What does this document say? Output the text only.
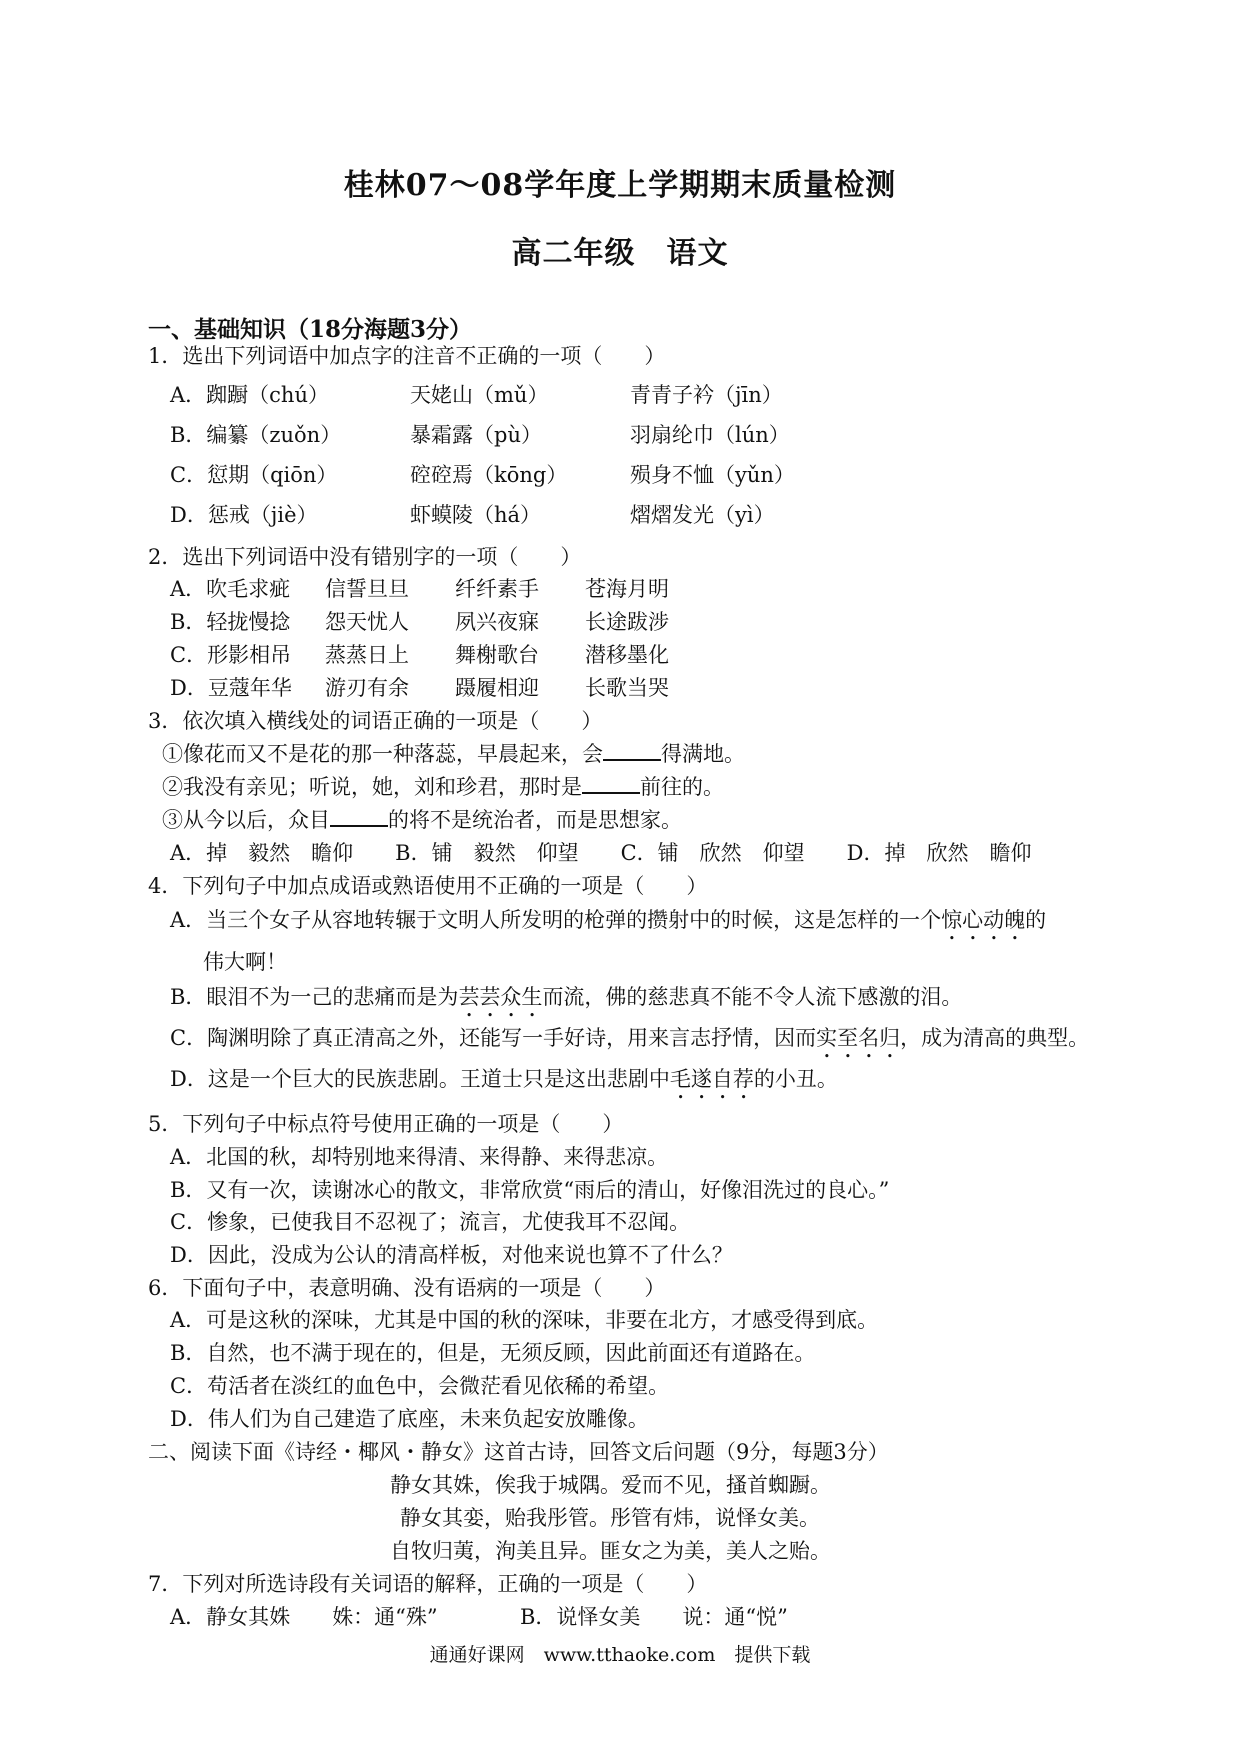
桂林07～08学年度上学期期末质量检测
高二年级　语文
一、基础知识（18分海题3分）
1．选出下列词语中加点字的注音不正确的一项（　　）
A．踟蹰（chú）	天姥山（mǔ）	青青子衿（jīn）
B．编纂（zuǒn）	暴霜露（pù）	羽扇纶巾（lún）
C．愆期（qiōn）	硿硿焉（kōng）	殒身不恤（yǔn）
D．惩戒（jiè）	虾蟆陵（há）	熠熠发光（yì）
2．选出下列词语中没有错别字的一项（　　）
A．吹毛求疵 信誓旦旦 纤纤素手 苍海月明
B．轻拢慢捻 怨天忧人 夙兴夜寐 长途跋涉
C．形影相吊 蒸蒸日上 舞榭歌台 潜移墨化
D．豆蔻年华 游刃有余 蹑履相迎 长歌当哭
3．依次填入横线处的词语正确的一项是（　　）
①像花而又不是花的那一种落蕊，早晨起来，会	得满地。
②我没有亲见；听说，她，刘和珍君，那时是	前往的。
③从今以后，众目	的将不是统治者，而是思想家。
A．掉　毅然　瞻仰　　B．铺　毅然　仰望　　C．铺　欣然　仰望　　D．掉　欣然　瞻仰
4．下列句子中加点成语或熟语使用不正确的一项是（　　）
A．当三个女子从容地转辗于文明人所发明的枪弹的攒射中的时候，这是怎样的一个惊心动魄的
伟大啊！
B．眼泪不为一己的悲痛而是为芸芸众生而流，佛的慈悲真不能不令人流下感激的泪。
C．陶渊明除了真正清高之外，还能写一手好诗，用来言志抒情，因而实至名归，成为清高的典型。
D．这是一个巨大的民族悲剧。王道士只是这出悲剧中毛遂自荐的小丑。
5．下列句子中标点符号使用正确的一项是（　　）
A．北国的秋，却特别地来得清、来得静、来得悲凉。
B．又有一次，读谢冰心的散文，非常欣赏“雨后的清山，好像泪洗过的良心。”
C．惨象，已使我目不忍视了；流言，尤使我耳不忍闻。
D．因此，没成为公认的清高样板，对他来说也算不了什么？
6．下面句子中，表意明确、没有语病的一项是（　　）
A．可是这秋的深味，尤其是中国的秋的深味，非要在北方，才感受得到底。
B．自然，也不满于现在的，但是，无须反顾，因此前面还有道路在。
C．苟活者在淡红的血色中，会微茫看见依稀的希望。
D．伟人们为自己建造了底座，未来负起安放雕像。
二、阅读下面《诗经・椰风・静女》这首古诗，回答文后问题（9分，每题3分）
静女其姝，俟我于城隅。爱而不见，搔首蜘蹰。
静女其娈，贻我彤管。彤管有炜，说怿女美。
自牧归荑，洵美且异。匪女之为美，美人之贻。
7．下列对所选诗段有关词语的解释，正确的一项是（　　）
A．静女其姝　　姝：通“殊”	B．说怿女美　　说：通“悦”
通通好课网　www.tthaoke.com　提供下载
